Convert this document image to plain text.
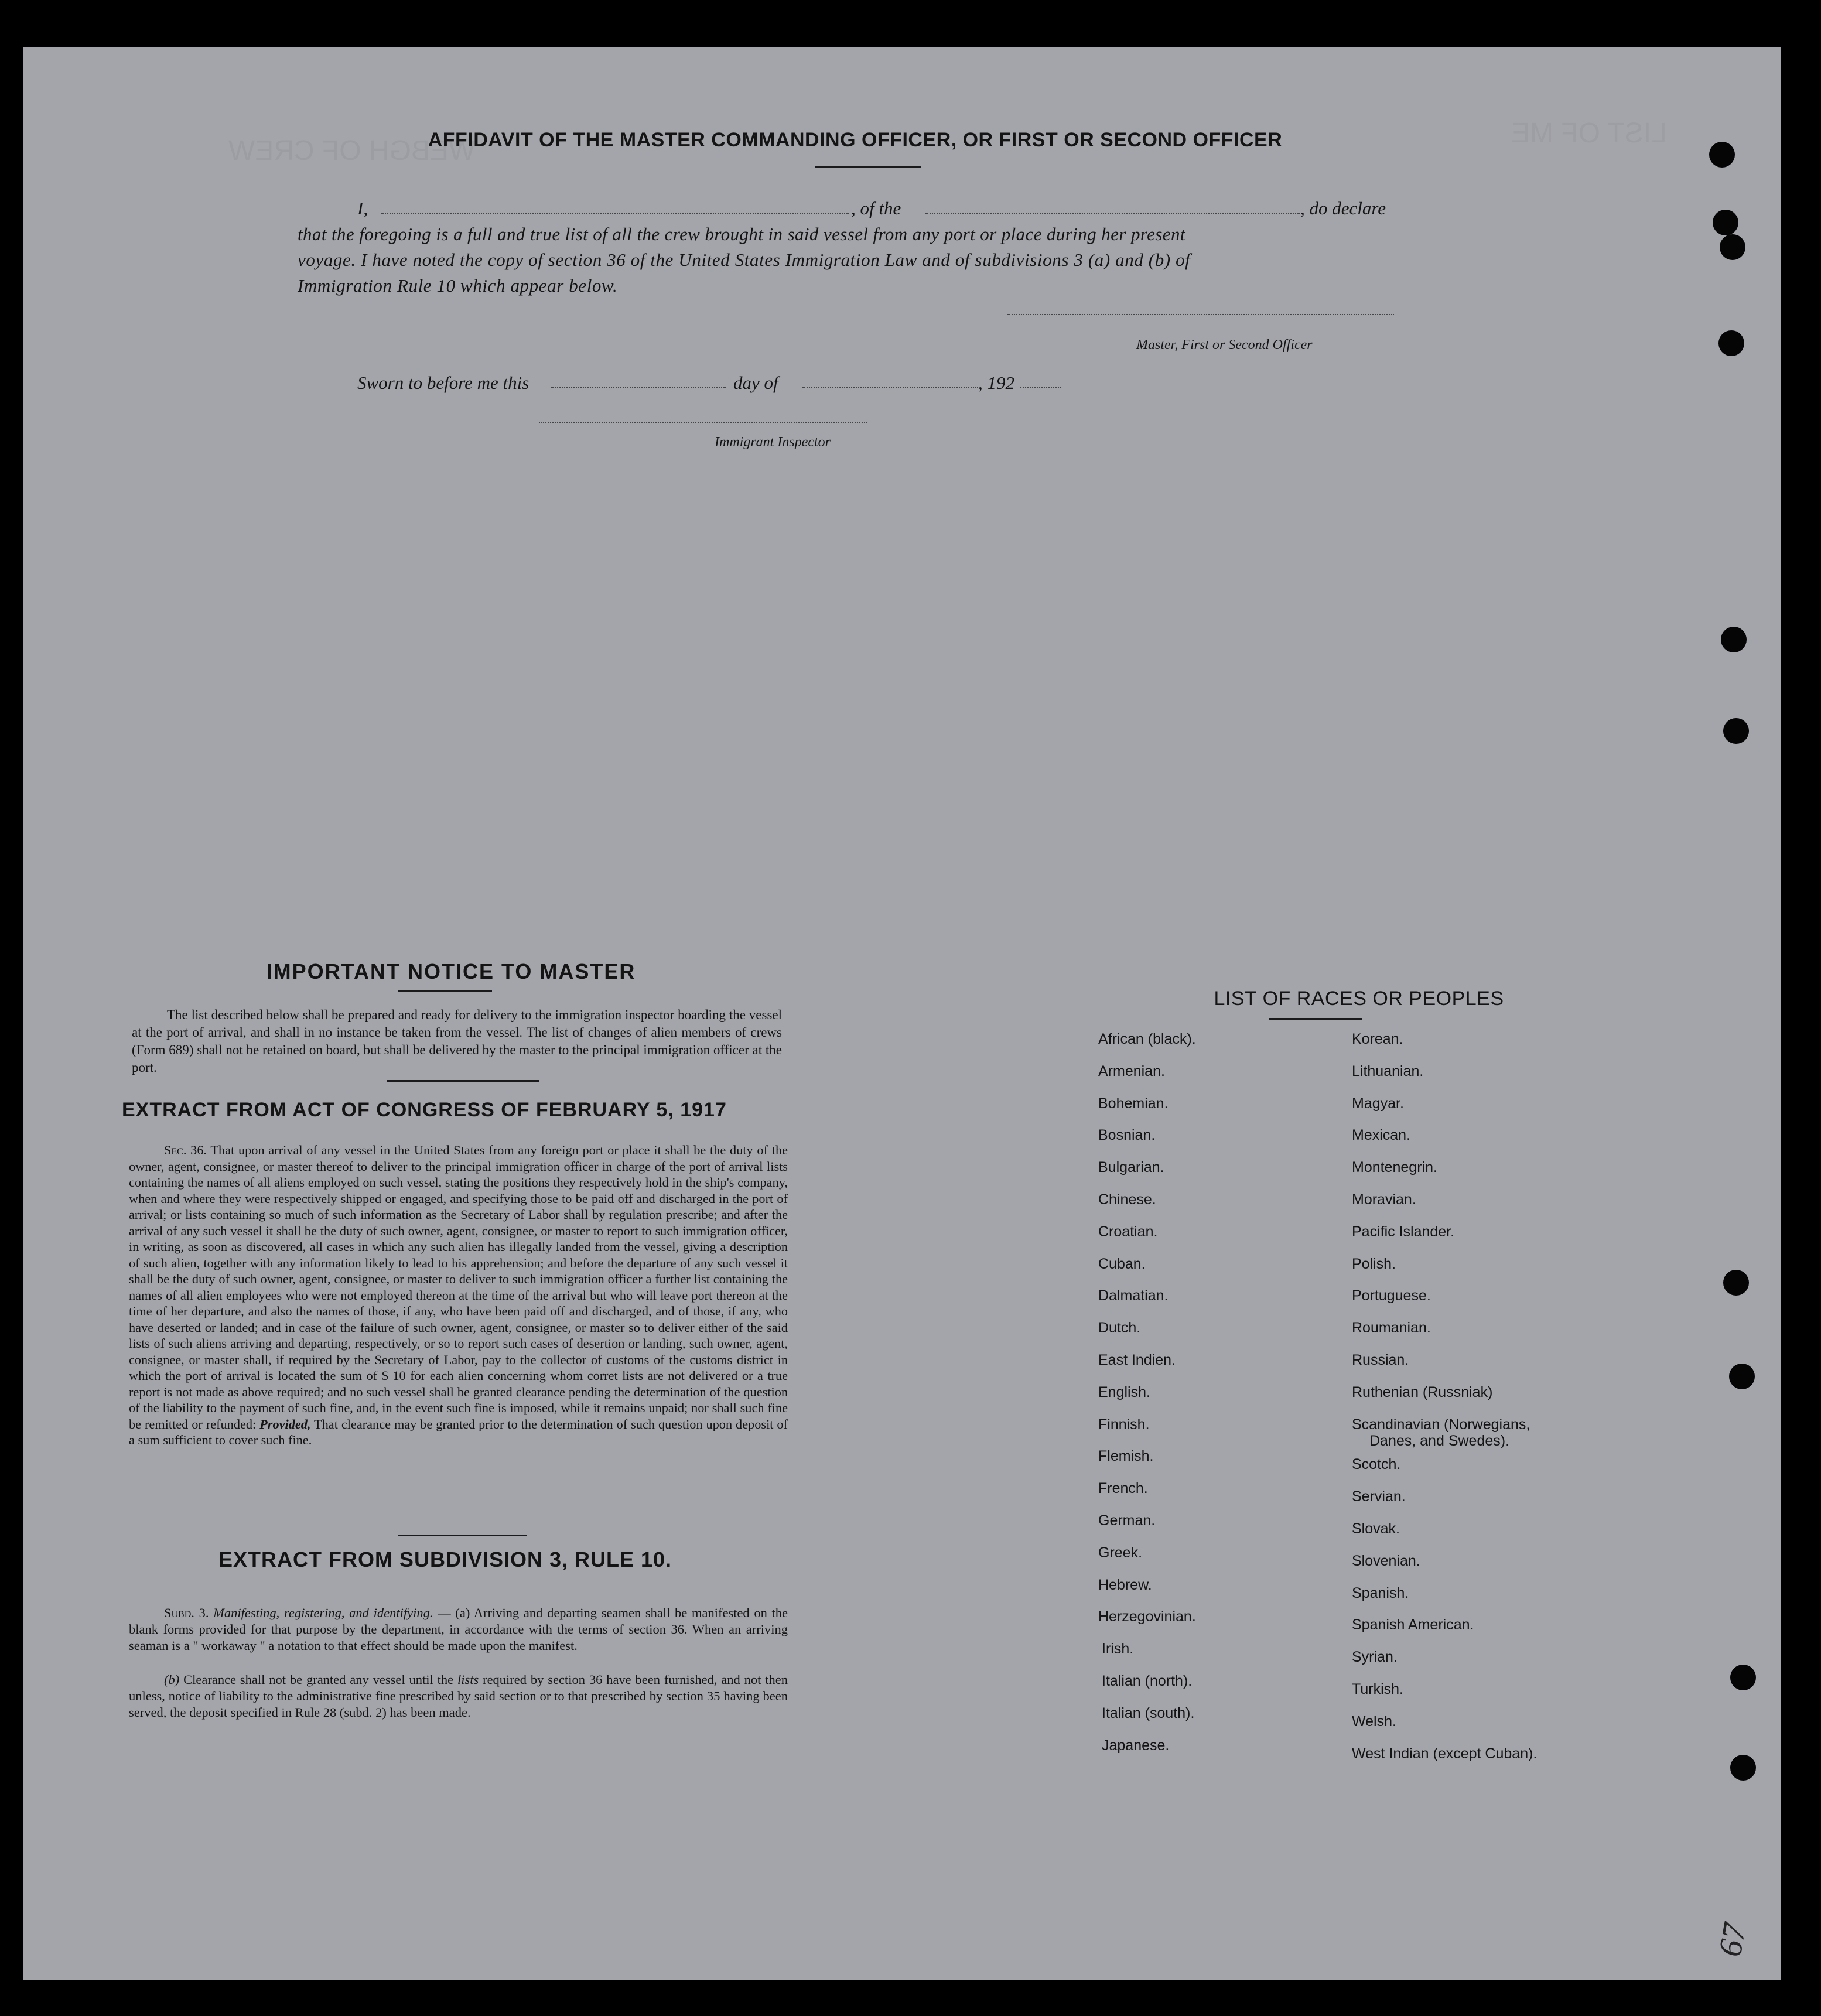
WEBGH OF CREW
LIST OF ME
AFFIDAVIT OF THE MASTER COMMANDING OFFICER, OR FIRST OR SECOND OFFICER
I,	, of the	, do declare
that the foregoing is a full and true list of all the crew brought in said vessel from any port or place during her present
voyage. I have noted the copy of section 36 of the United States Immigration Law and of subdivisions 3 (a) and (b) of
Immigration Rule 10 which appear below.
Master, First or Second Officer
Sworn to before me this	day of	, 192
Immigrant Inspector
IMPORTANT NOTICE TO MASTER

The list described below shall be prepared and ready for delivery to the immigration inspector boarding the vessel at the port of arrival, and shall in no instance be taken from the vessel. The list of changes of alien members of crews (Form 689) shall not be retained on board, but shall be delivered by the master to the principal immigration officer at the port.

EXTRACT FROM ACT OF CONGRESS OF FEBRUARY 5, 1917

Sec. 36. That upon arrival of any vessel in the United States from any foreign port or place it shall be the duty of the owner, agent, consignee, or master thereof to deliver to the principal immigration officer in charge of the port of arrival lists containing the names of all aliens employed on such vessel, stating the positions they respectively hold in the ship's company, when and where they were respectively shipped or engaged, and specifying those to be paid off and discharged in the port of arrival; or lists containing so much of such information as the Secretary of Labor shall by regulation prescribe; and after the arrival of any such vessel it shall be the duty of such owner, agent, consignee, or master to report to such immigration officer, in writing, as soon as discovered, all cases in which any such alien has illegally landed from the vessel, giving a description of such alien, together with any information likely to lead to his apprehension; and before the departure of any such vessel it shall be the duty of such owner, agent, consignee, or master to deliver to such immigration officer a further list containing the names of all alien employees who were not employed thereon at the time of the arrival but who will leave port thereon at the time of her departure, and also the names of those, if any, who have been paid off and discharged, and of those, if any, who have deserted or landed; and in case of the failure of such owner, agent, consignee, or master so to deliver either of the said lists of such aliens arriving and departing, respectively, or so to report such cases of desertion or landing, such owner, agent, consignee, or master shall, if required by the Secretary of Labor, pay to the collector of customs of the customs district in which the port of arrival is located the sum of $ 10 for each alien concerning whom corret lists are not delivered or a true report is not made as above required; and no such vessel shall be granted clearance pending the determination of the question of the liability to the payment of such fine, and, in the event such fine is imposed, while it remains unpaid; nor shall such fine be remitted or refunded: Provided, That clearance may be granted prior to the determination of such question upon deposit of a sum sufficient to cover such fine.

EXTRACT FROM SUBDIVISION 3, RULE 10.

Subd. 3. Manifesting, registering, and identifying. — (a) Arriving and departing seamen shall be manifested on the blank forms provided for that purpose by the department, in accordance with the terms of section 36. When an arriving seaman is a " workaway " a notation to that effect should be made upon the manifest.

(b) Clearance shall not be granted any vessel until the lists required by section 36 have been furnished, and not then unless, notice of liability to the administrative fine prescribed by said section or to that prescribed by section 35 having been served, the deposit specified in Rule 28 (subd. 2) has been made.

LIST OF RACES OR PEOPLES
67
African (black).
Armenian.
Bohemian.
Bosnian.
Bulgarian.
Chinese.
Croatian.
Cuban.
Dalmatian.
Dutch.
East Indien.
English.
Finnish.
Flemish.
French.
German.
Greek.
Hebrew.
Herzegovinian.
Irish.
Italian (north).
Italian (south).
Japanese.
Korean.
Lithuanian.
Magyar.
Mexican.
Montenegrin.
Moravian.
Pacific Islander.
Polish.
Portuguese.
Roumanian.
Russian.
Ruthenian (Russniak)
Scandinavian (Norwegians,
Danes, and Swedes).
Scotch.
Servian.
Slovak.
Slovenian.
Spanish.
Spanish American.
Syrian.
Turkish.
Welsh.
West Indian (except Cuban).
